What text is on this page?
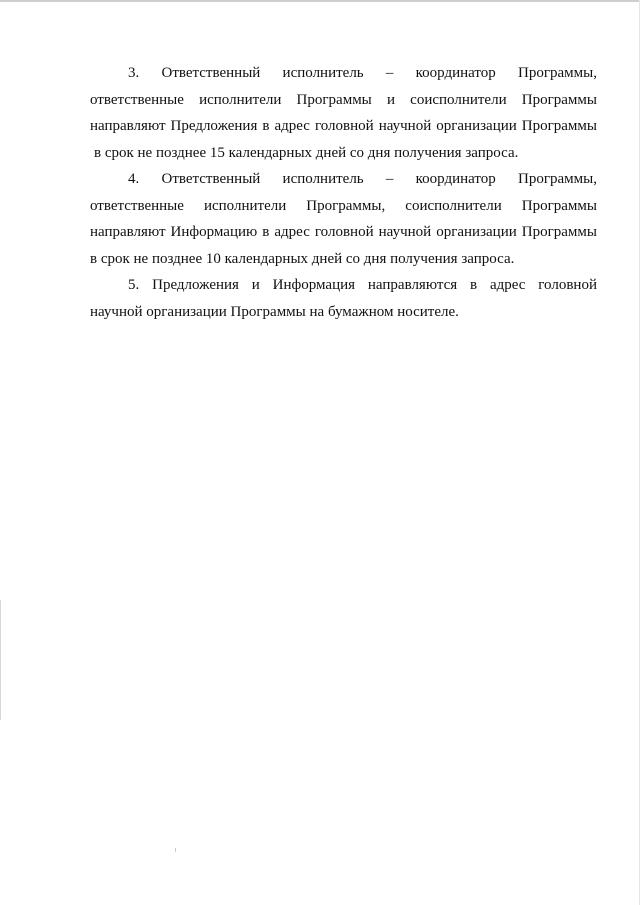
3. Ответственный исполнитель – координатор Программы,
ответственные исполнители Программы и соисполнители Программы
направляют Предложения в адрес головной научной организации Программы
в срок не позднее 15 календарных дней со дня получения запроса.

4. Ответственный исполнитель – координатор Программы,
ответственные исполнители Программы, соисполнители Программы
направляют Информацию в адрес головной научной организации Программы
в срок не позднее 10 календарных дней со дня получения запроса.

5. Предложения и Информация направляются в адрес головной
научной организации Программы на бумажном носителе.
